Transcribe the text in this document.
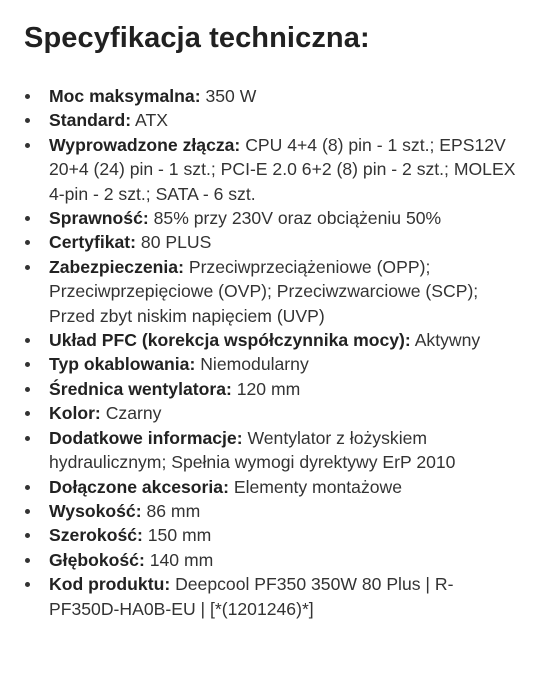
Specyfikacja techniczna:
Moc maksymalna: 350 W
Standard: ATX
Wyprowadzone złącza: CPU 4+4 (8) pin - 1 szt.; EPS12V 20+4 (24) pin - 1 szt.; PCI-E 2.0 6+2 (8) pin - 2 szt.; MOLEX 4-pin - 2 szt.; SATA - 6 szt.
Sprawność: 85% przy 230V oraz obciążeniu 50%
Certyfikat: 80 PLUS
Zabezpieczenia: Przeciwprzeciążeniowe (OPP); Przeciwprzepięciowe (OVP); Przeciwzwarciowe (SCP); Przed zbyt niskim napięciem (UVP)
Układ PFC (korekcja współczynnika mocy): Aktywny
Typ okablowania: Niemodularny
Średnica wentylatora: 120 mm
Kolor: Czarny
Dodatkowe informacje: Wentylator z łożyskiem hydraulicznym; Spełnia wymogi dyrektywy ErP 2010
Dołączone akcesoria: Elementy montażowe
Wysokość: 86 mm
Szerokość: 150 mm
Głębokość: 140 mm
Kod produktu: Deepcool PF350 350W 80 Plus | R-PF350D-HA0B-EU | [*(1201246)*]
